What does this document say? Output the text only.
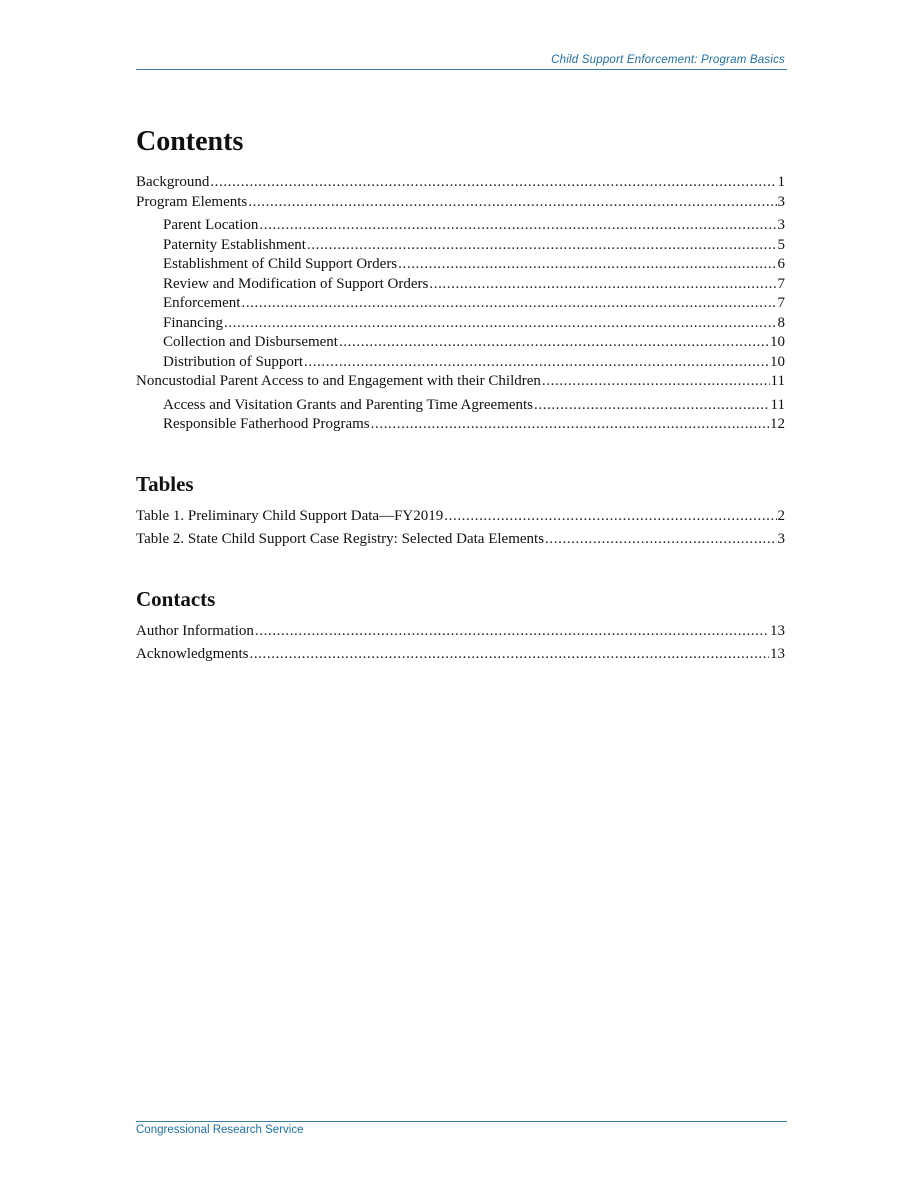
Child Support Enforcement: Program Basics
Contents
Background .....	1
Program Elements .....	3
Parent Location .....	3
Paternity Establishment .....	5
Establishment of Child Support Orders .....	6
Review and Modification of Support Orders .....	7
Enforcement .....	7
Financing .....	8
Collection and Disbursement .....	10
Distribution of Support .....	10
Noncustodial Parent Access to and Engagement with their Children .....	11
Access and Visitation Grants and Parenting Time Agreements .....	11
Responsible Fatherhood Programs .....	12
Tables
Table 1. Preliminary Child Support Data—FY2019 .....	2
Table 2. State Child Support Case Registry: Selected Data Elements .....	3
Contacts
Author Information .....	13
Acknowledgments .....	13
Congressional Research Service
